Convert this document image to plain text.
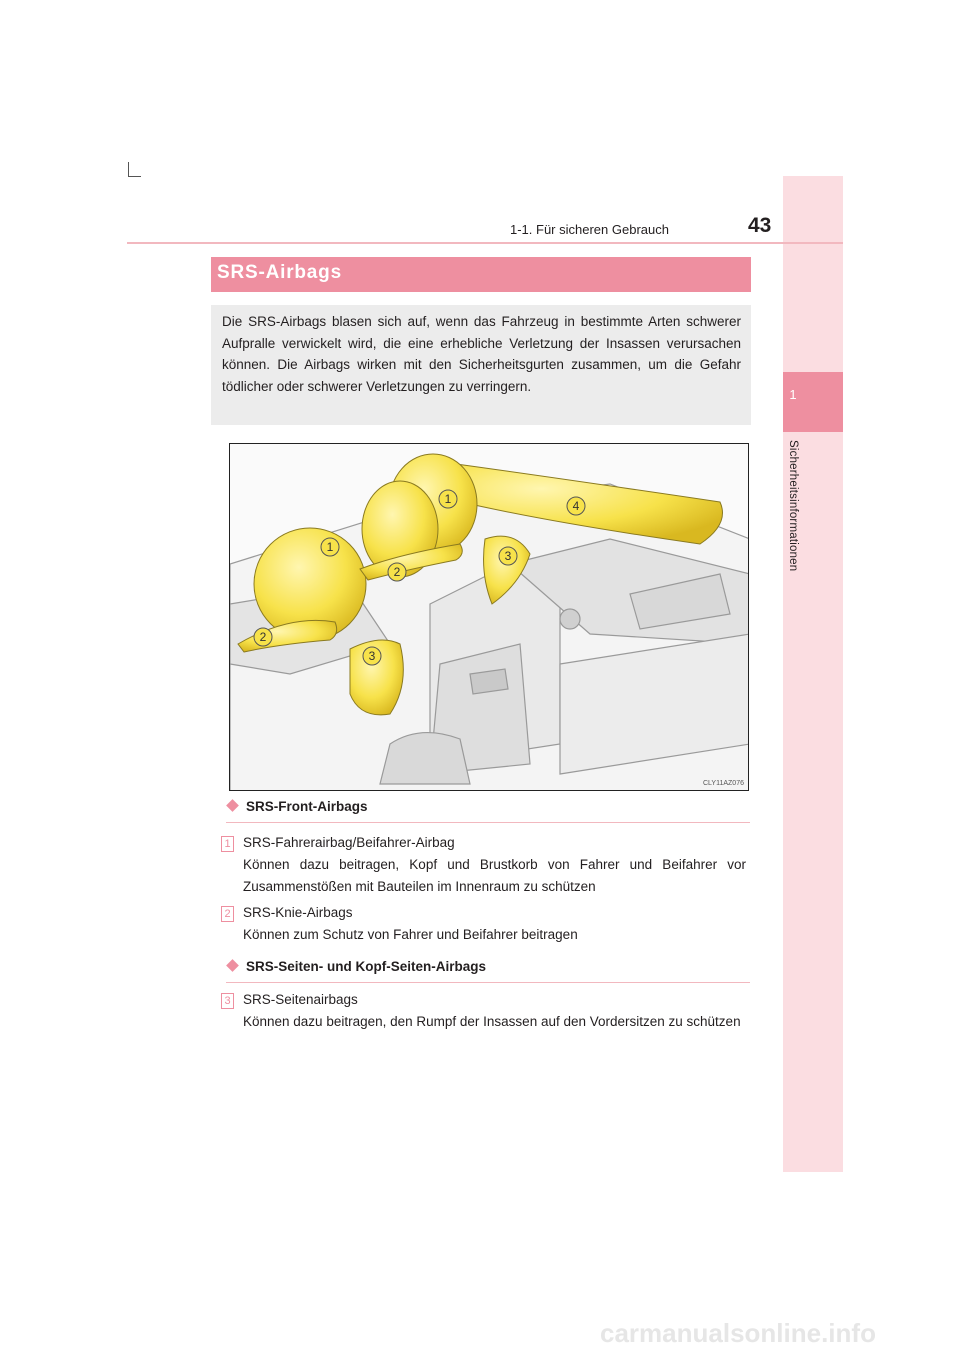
1
Sicherheitsinformationen
1-1. Für sicheren Gebrauch	43
SRS-Airbags

Die SRS-Airbags blasen sich auf, wenn das Fahrzeug in bestimmte Arten schwerer Aufpralle verwickelt wird, die eine erhebliche Verletzung der Insassen verursachen können. Die Airbags wirken mit den Sicherheitsgurten zusammen, um die Gefahr tödlicher oder schwerer Verletzungen zu verringern.

1	4
1
3
2
2
3
CLY11AZ076
SRS-Front-Airbags
1 SRS-Fahrerairbag/Beifahrer-Airbag

Können dazu beitragen, Kopf und Brustkorb von Fahrer und Beifahrer vor Zusammenstößen mit Bauteilen im Innenraum zu schützen

2 SRS-Knie-Airbags

Können zum Schutz von Fahrer und Beifahrer beitragen

SRS-Seiten- und Kopf-Seiten-Airbags
3 SRS-Seitenairbags

Können dazu beitragen, den Rumpf der Insassen auf den Vordersitzen zu schützen

carmanualsonline.info
